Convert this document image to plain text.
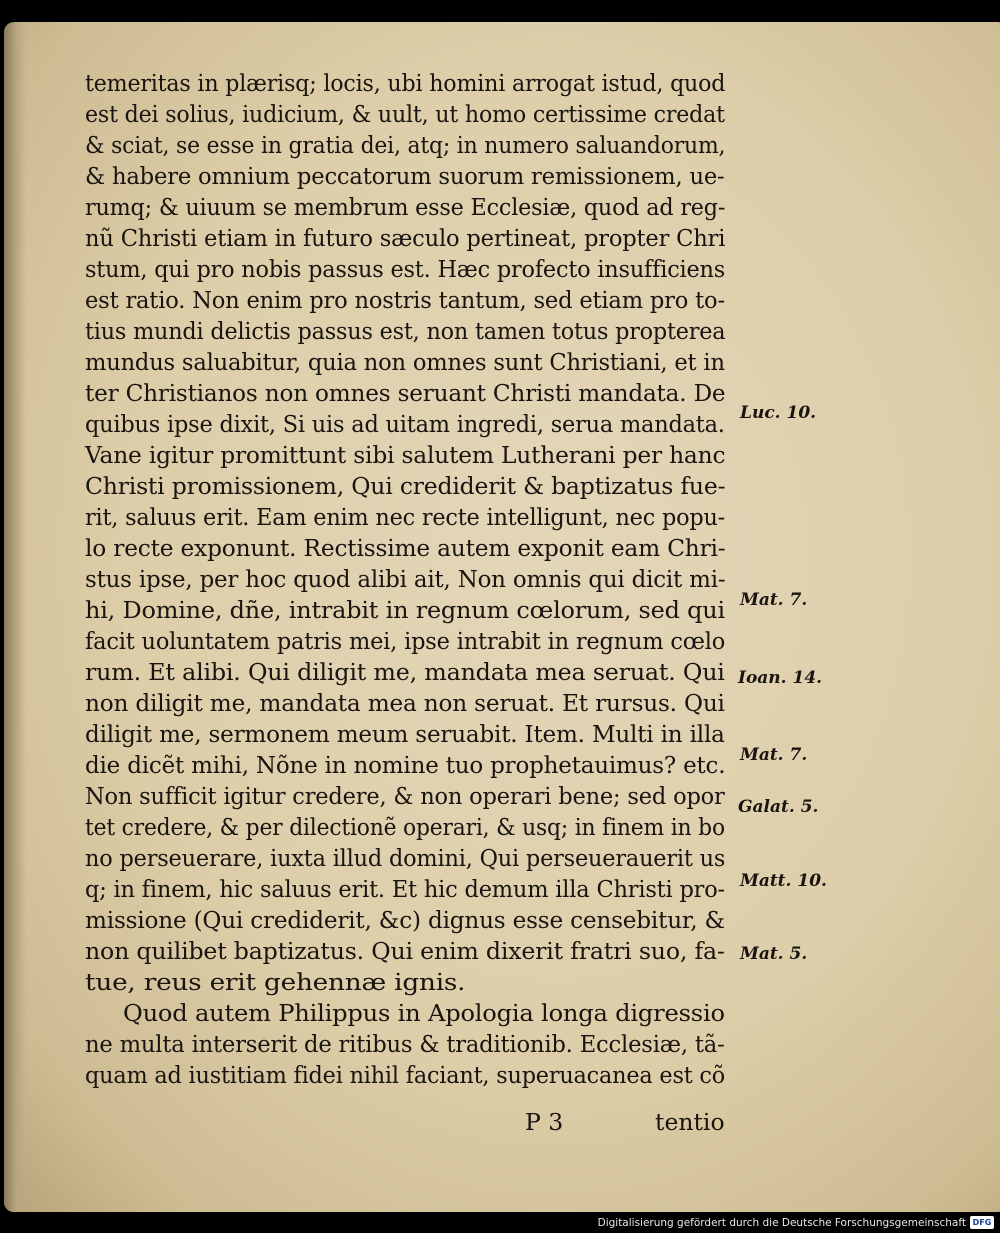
temeritas in plærisq; locis, ubi homini arrogat istud, quod
est dei solius, iudicium, & uult, ut homo certissime credat
& sciat, se esse in gratia dei, atq; in numero saluandorum,
& habere omnium peccatorum suorum remissionem, ue-
rumq; & uiuum se membrum esse Ecclesiæ, quod ad reg-
nũ Christi etiam in futuro sæculo pertineat, propter Chri
stum, qui pro nobis passus est. Hæc profecto insufficiens
est ratio. Non enim pro nostris tantum, sed etiam pro to-
tius mundi delictis passus est, non tamen totus propterea
mundus saluabitur, quia non omnes sunt Christiani, et in
ter Christianos non omnes seruant Christi mandata. De
quibus ipse dixit, Si uis ad uitam ingredi, serua mandata.
Vane igitur promittunt sibi salutem Lutherani per hanc
Christi promissionem, Qui crediderit & baptizatus fue-
rit, saluus erit. Eam enim nec recte intelligunt, nec popu-
lo recte exponunt. Rectissime autem exponit eam Chri-
stus ipse, per hoc quod alibi ait, Non omnis qui dicit mi-
hi, Domine, dñe, intrabit in regnum cœlorum, sed qui
facit uoluntatem patris mei, ipse intrabit in regnum cœlo
rum. Et alibi. Qui diligit me, mandata mea seruat. Qui
non diligit me, mandata mea non seruat. Et rursus. Qui
diligit me, sermonem meum seruabit. Item. Multi in illa
die dicẽt mihi, Nõne in nomine tuo prophetauimus? etc.
Non sufficit igitur credere, & non operari bene; sed opor
tet credere, & per dilectionẽ operari, & usq; in finem in bo
no perseuerare, iuxta illud domini, Qui perseuerauerit us
q; in finem, hic saluus erit. Et hic demum illa Christi pro-
missione (Qui crediderit, &c) dignus esse censebitur, &
non quilibet baptizatus. Qui enim dixerit fratri suo, fa-
tue, reus erit gehennæ ignis.
Quod autem Philippus in Apologia longa digressio
ne multa interserit de ritibus & traditionib. Ecclesiæ, tã-
quam ad iustitiam fidei nihil faciant, superuacanea est cõ
Luc. 10.
Mat. 7.
Ioan. 14.
Mat. 7.
Galat. 5.
Matt. 10.
Mat. 5.
P 3	tentio
Digitalisierung gefördert durch die Deutsche Forschungsgemeinschaft DFG
